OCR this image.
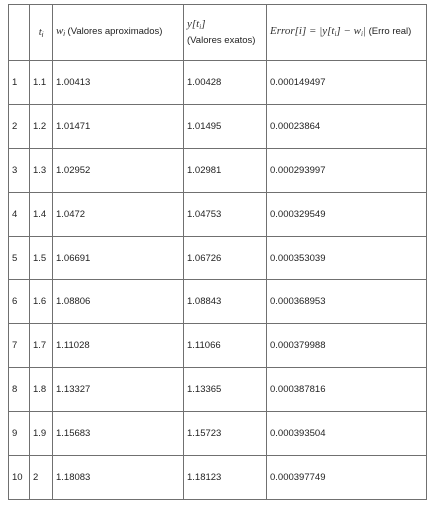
	$t_i$	$w_i$ (Valores aproximados)	$y[t_i]$
(Valores exatos)	Error[i] = $|y[t_i] - w_i|$ (Erro real)
1	1.1	1.00413	1.00428	0.000149497
2	1.2	1.01471	1.01495	0.00023864
3	1.3	1.02952	1.02981	0.000293997
4	1.4	1.0472	1.04753	0.000329549
5	1.5	1.06691	1.06726	0.000353039
6	1.6	1.08806	1.08843	0.000368953
7	1.7	1.11028	1.11066	0.000379988
8	1.8	1.13327	1.13365	0.000387816
9	1.9	1.15683	1.15723	0.000393504
10	2	1.18083	1.18123	0.000397749
